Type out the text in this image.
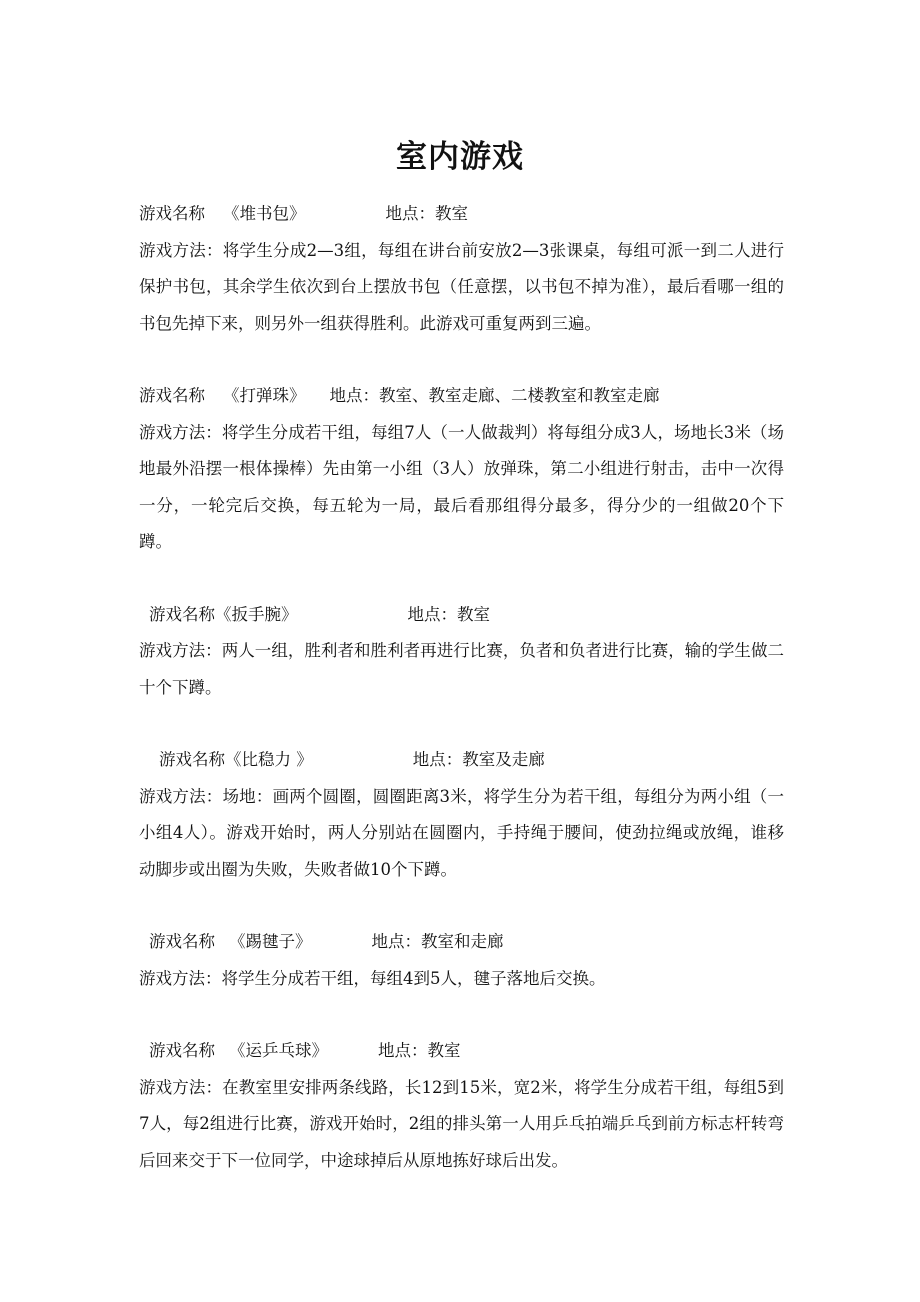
室内游戏
游戏名称 《堆书包》	地点：教室

游戏方法：将学生分成2—3组，每组在讲台前安放2—3张课桌，每组可派一到二人进行保护书包，其余学生依次到台上摆放书包（任意摆，以书包不掉为准），最后看哪一组的书包先掉下来，则另外一组获得胜利。此游戏可重复两到三遍。

游戏名称 《打弹珠》 地点：教室、教室走廊、二楼教室和教室走廊

游戏方法：将学生分成若干组，每组7人（一人做裁判）将每组分成3人，场地长3米（场地最外沿摆一根体操棒）先由第一小组（3人）放弹珠，第二小组进行射击，击中一次得一分，一轮完后交换，每五轮为一局，最后看那组得分最多，得分少的一组做20个下蹲。

游戏名称《扳手腕》	地点：教室

游戏方法：两人一组，胜利者和胜利者再进行比赛，负者和负者进行比赛，输的学生做二十个下蹲。

游戏名称《比稳力 》	地点：教室及走廊

游戏方法：场地：画两个圆圈，圆圈距离3米，将学生分为若干组，每组分为两小组（一小组4人）。游戏开始时，两人分别站在圆圈内，手持绳于腰间，使劲拉绳或放绳，谁移动脚步或出圈为失败，失败者做10个下蹲。

游戏名称 《踢毽子》	地点：教室和走廊

游戏方法：将学生分成若干组，每组4到5人，毽子落地后交换。

游戏名称 《运乒乓球》	地点：教室

游戏方法：在教室里安排两条线路，长12到15米，宽2米，将学生分成若干组，每组5到7人，每2组进行比赛，游戏开始时，2组的排头第一人用乒乓拍端乒乓到前方标志杆转弯后回来交于下一位同学，中途球掉后从原地拣好球后出发。
